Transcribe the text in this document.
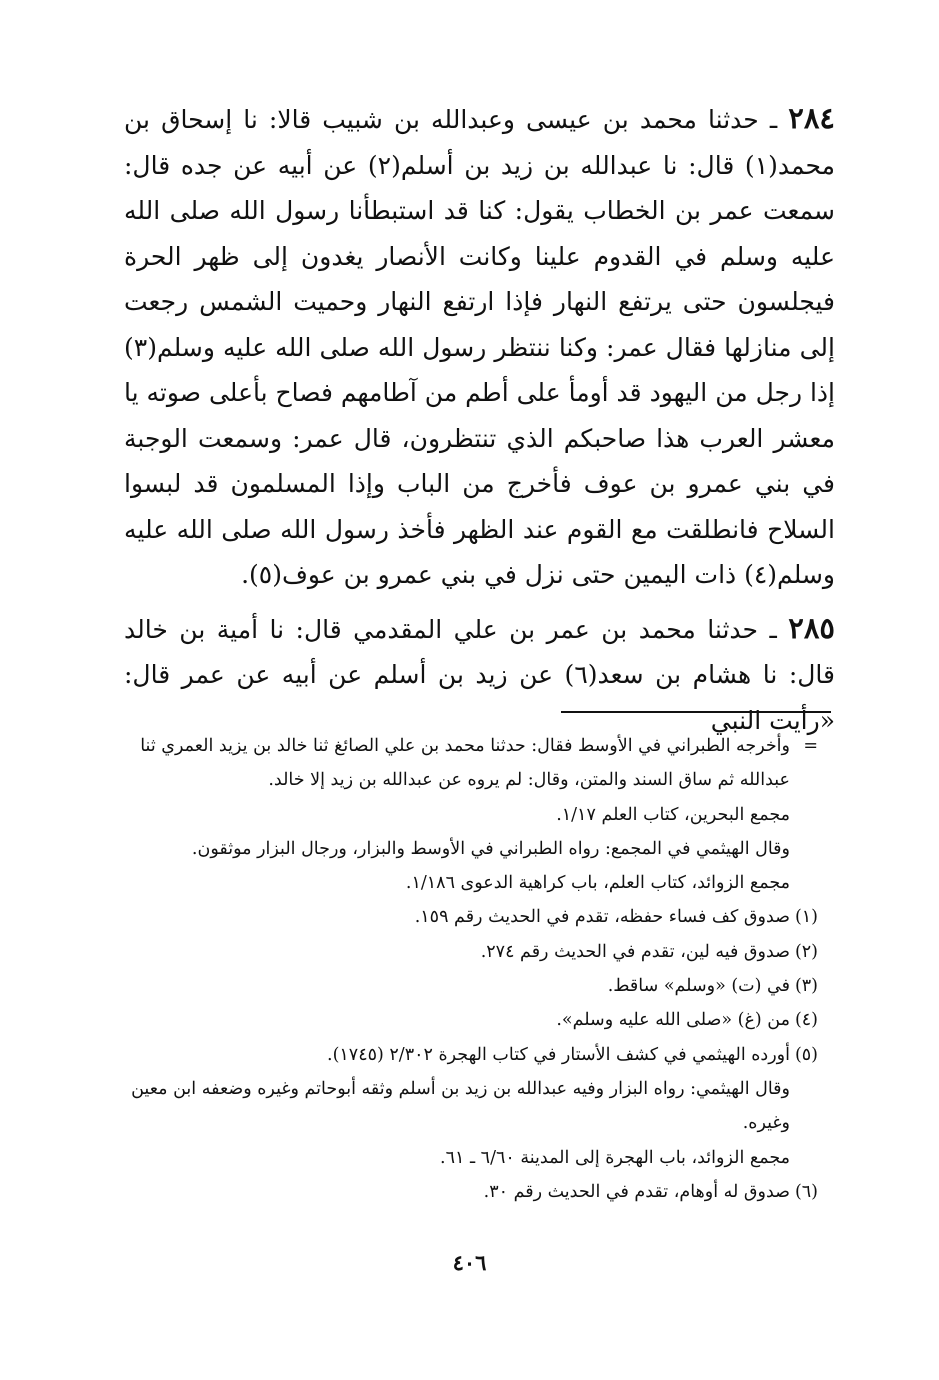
٢٨٤ ـ حدثنا محمد بن عيسى وعبدالله بن شبيب قالا: نا إسحاق بن محمد(١) قال: نا عبدالله بن زيد بن أسلم(٢) عن أبيه عن جده قال: سمعت عمر بن الخطاب يقول: كنا قد استبطأنا رسول الله صلى الله عليه وسلم في القدوم علينا وكانت الأنصار يغدون إلى ظهر الحرة فيجلسون حتى يرتفع النهار فإذا ارتفع النهار وحميت الشمس رجعت إلى منازلها فقال عمر: وكنا ننتظر رسول الله صلى الله عليه وسلم(٣) إذا رجل من اليهود قد أومأ على أطم من آطامهم فصاح بأعلى صوته يا معشر العرب هذا صاحبكم الذي تنتظرون، قال عمر: وسمعت الوجبة في بني عمرو بن عوف فأخرج من الباب وإذا المسلمون قد لبسوا السلاح فانطلقت مع القوم عند الظهر فأخذ رسول الله صلى الله عليه وسلم(٤) ذات اليمين حتى نزل في بني عمرو بن عوف(٥).

٢٨٥ ـ حدثنا محمد بن عمر بن علي المقدمي قال: نا أمية بن خالد قال: نا هشام بن سعد(٦) عن زيد بن أسلم عن أبيه عن عمر قال: «رأيت النبي

=
وأخرجه الطبراني في الأوسط فقال: حدثنا محمد بن علي الصائغ ثنا خالد بن يزيد العمري ثنا عبدالله ثم ساق السند والمتن، وقال: لم يروه عن عبدالله بن زيد إلا خالد.
مجمع البحرين، كتاب العلم ١/١٧.
وقال الهيثمي في المجمع: رواه الطبراني في الأوسط والبزار، ورجال البزار موثقون.
مجمع الزوائد، كتاب العلم، باب كراهية الدعوى ١/١٨٦.
(١)
صدوق كف فساء حفظه، تقدم في الحديث رقم ١٥٩.
(٢)
صدوق فيه لين، تقدم في الحديث رقم ٢٧٤.
(٣)
في (ت) «وسلم» ساقط.
(٤)
من (غ) «صلى الله عليه وسلم».
(٥)
أورده الهيثمي في كشف الأستار في كتاب الهجرة ٢/٣٠٢ (١٧٤٥).
وقال الهيثمي: رواه البزار وفيه عبدالله بن زيد بن أسلم وثقه أبوحاتم وغيره وضعفه ابن معين وغيره.
مجمع الزوائد، باب الهجرة إلى المدينة ٦/٦٠ ـ ٦١.
(٦)
صدوق له أوهام، تقدم في الحديث رقم ٣٠.
٤٠٦
